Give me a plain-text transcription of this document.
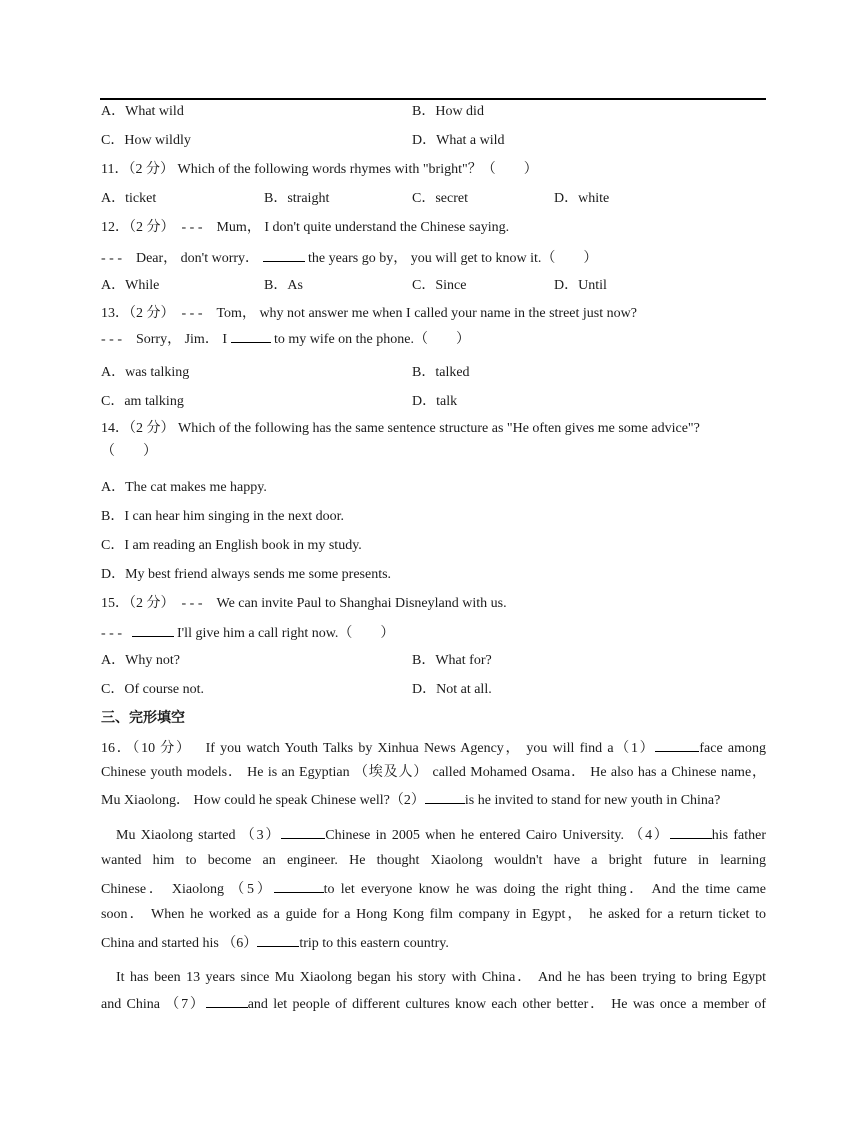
A．What wild	B．How did
C．How wildly	D．What a wild
11．（2 分） Which of the following words rhymes with "bright"？（　　）
A．ticket	B．straight	C．secret	D．white
12．（2 分）　- - -　Mum， I don't quite understand the Chinese saying.
- - -　Dear， don't worry．	the years go by， you will get to know it.（　　）
A．While	B．As	C．Since	D．Until
13．（2 分）　- - -　Tom， why not answer me when I called your name in the street just now?
- - -　Sorry， Jim． I	to my wife on the phone.（　　）
A．was talking	B．talked
C．am talking	D．talk
14．（2 分） Which of the following has the same sentence structure as "He often gives me some advice"?
（　　）
A．The cat makes me happy.
B．I can hear him singing in the next door.
C．I am reading an English book in my study.
D．My best friend always sends me some presents.
15．（2 分）　- - -　We can invite Paul to Shanghai Disneyland with us.
- - -	I'll give him a call right now.（　　）
A．Why not?	B．What for?
C．Of course not.	D．Not at all.
三、完形填空
16．（10 分）　 If you watch Youth Talks by Xinhua News Agency， you will find a（1）	face among
Chinese youth models． He is an Egyptian （埃及人） called Mohamed Osama． He also has a Chinese name，
Mu Xiaolong． How could he speak Chinese well?（2）	is he invited to stand for new youth in China?
Mu Xiaolong started （3）	Chinese in 2005 when he entered Cairo University. （4）	his father
wanted him to become an engineer. He thought Xiaolong wouldn't have a bright future in learning
Chinese． Xiaolong （5）	to let everyone know he was doing the right thing． And the time came
soon． When he worked as a guide for a Hong Kong film company in Egypt， he asked for a return ticket to
China and started his （6）	trip to this eastern country.
It has been 13 years since Mu Xiaolong began his story with China． And he has been trying to bring Egypt
and China （7）	and let people of different cultures know each other better． He was once a member of
